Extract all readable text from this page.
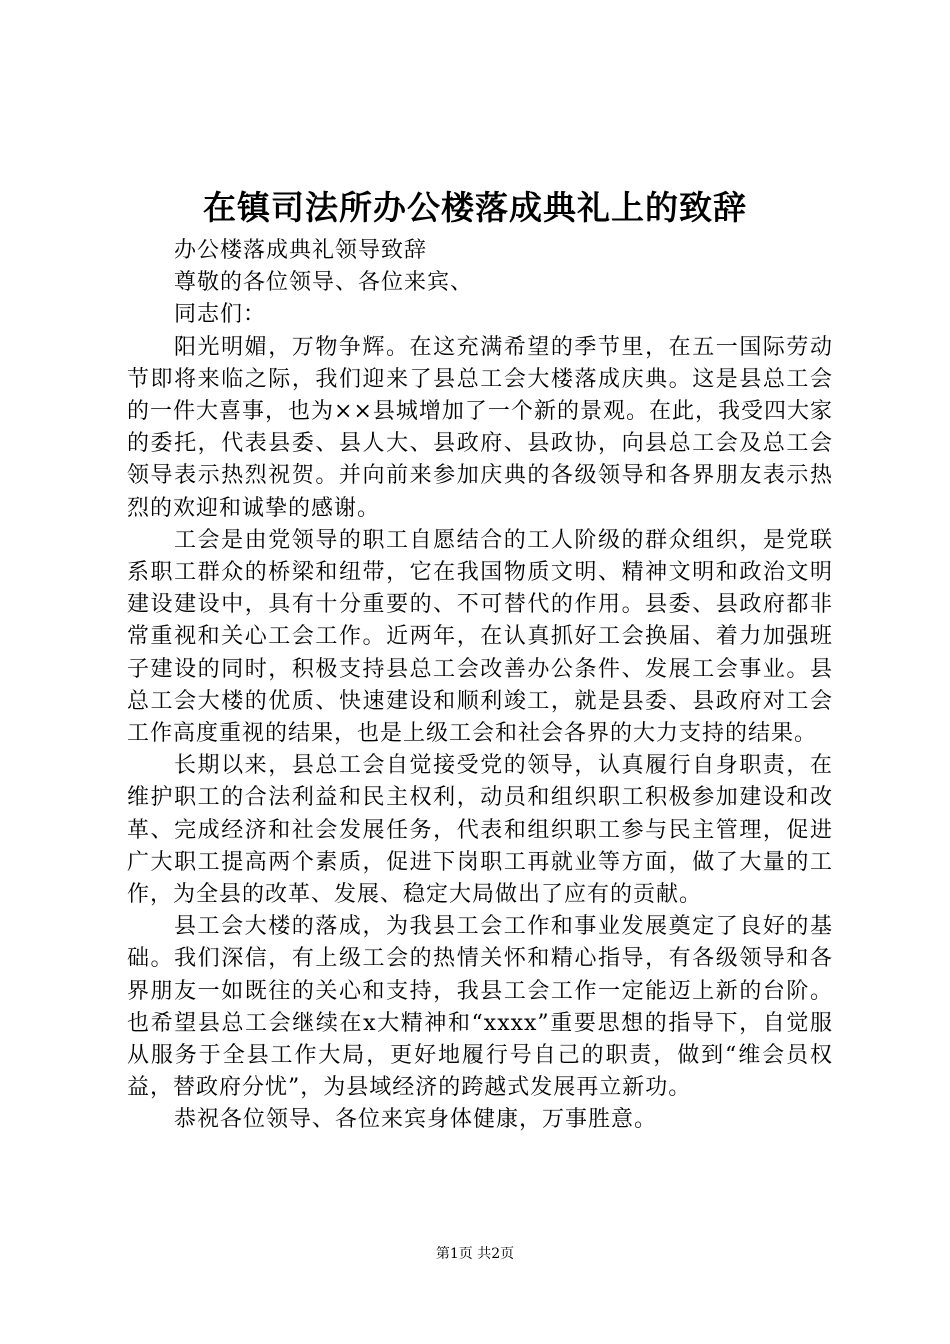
在镇司法所办公楼落成典礼上的致辞

办公楼落成典礼领导致辞

尊敬的各位领导、各位来宾、

同志们：

阳光明媚，万物争辉。在这充满希望的季节里，在五一国际劳动节即将来临之际，我们迎来了县总工会大楼落成庆典。这是县总工会的一件大喜事，也为××县城增加了一个新的景观。在此，我受四大家的委托，代表县委、县人大、县政府、县政协，向县总工会及总工会领导表示热烈祝贺。并向前来参加庆典的各级领导和各界朋友表示热烈的欢迎和诚挚的感谢。

工会是由党领导的职工自愿结合的工人阶级的群众组织，是党联系职工群众的桥梁和纽带，它在我国物质文明、精神文明和政治文明建设建设中，具有十分重要的、不可替代的作用。县委、县政府都非常重视和关心工会工作。近两年，在认真抓好工会换届、着力加强班子建设的同时，积极支持县总工会改善办公条件、发展工会事业。县总工会大楼的优质、快速建设和顺利竣工，就是县委、县政府对工会工作高度重视的结果，也是上级工会和社会各界的大力支持的结果。

长期以来，县总工会自觉接受党的领导，认真履行自身职责，在维护职工的合法利益和民主权利，动员和组织职工积极参加建设和改革、完成经济和社会发展任务，代表和组织职工参与民主管理，促进广大职工提高两个素质，促进下岗职工再就业等方面，做了大量的工作，为全县的改革、发展、稳定大局做出了应有的贡献。

县工会大楼的落成，为我县工会工作和事业发展奠定了良好的基础。我们深信，有上级工会的热情关怀和精心指导，有各级领导和各界朋友一如既往的关心和支持，我县工会工作一定能迈上新的台阶。也希望县总工会继续在x大精神和“xxxx”重要思想的指导下，自觉服从服务于全县工作大局，更好地履行号自己的职责，做到“维会员权益，替政府分忧”，为县域经济的跨越式发展再立新功。

恭祝各位领导、各位来宾身体健康，万事胜意。

第1页 共2页
